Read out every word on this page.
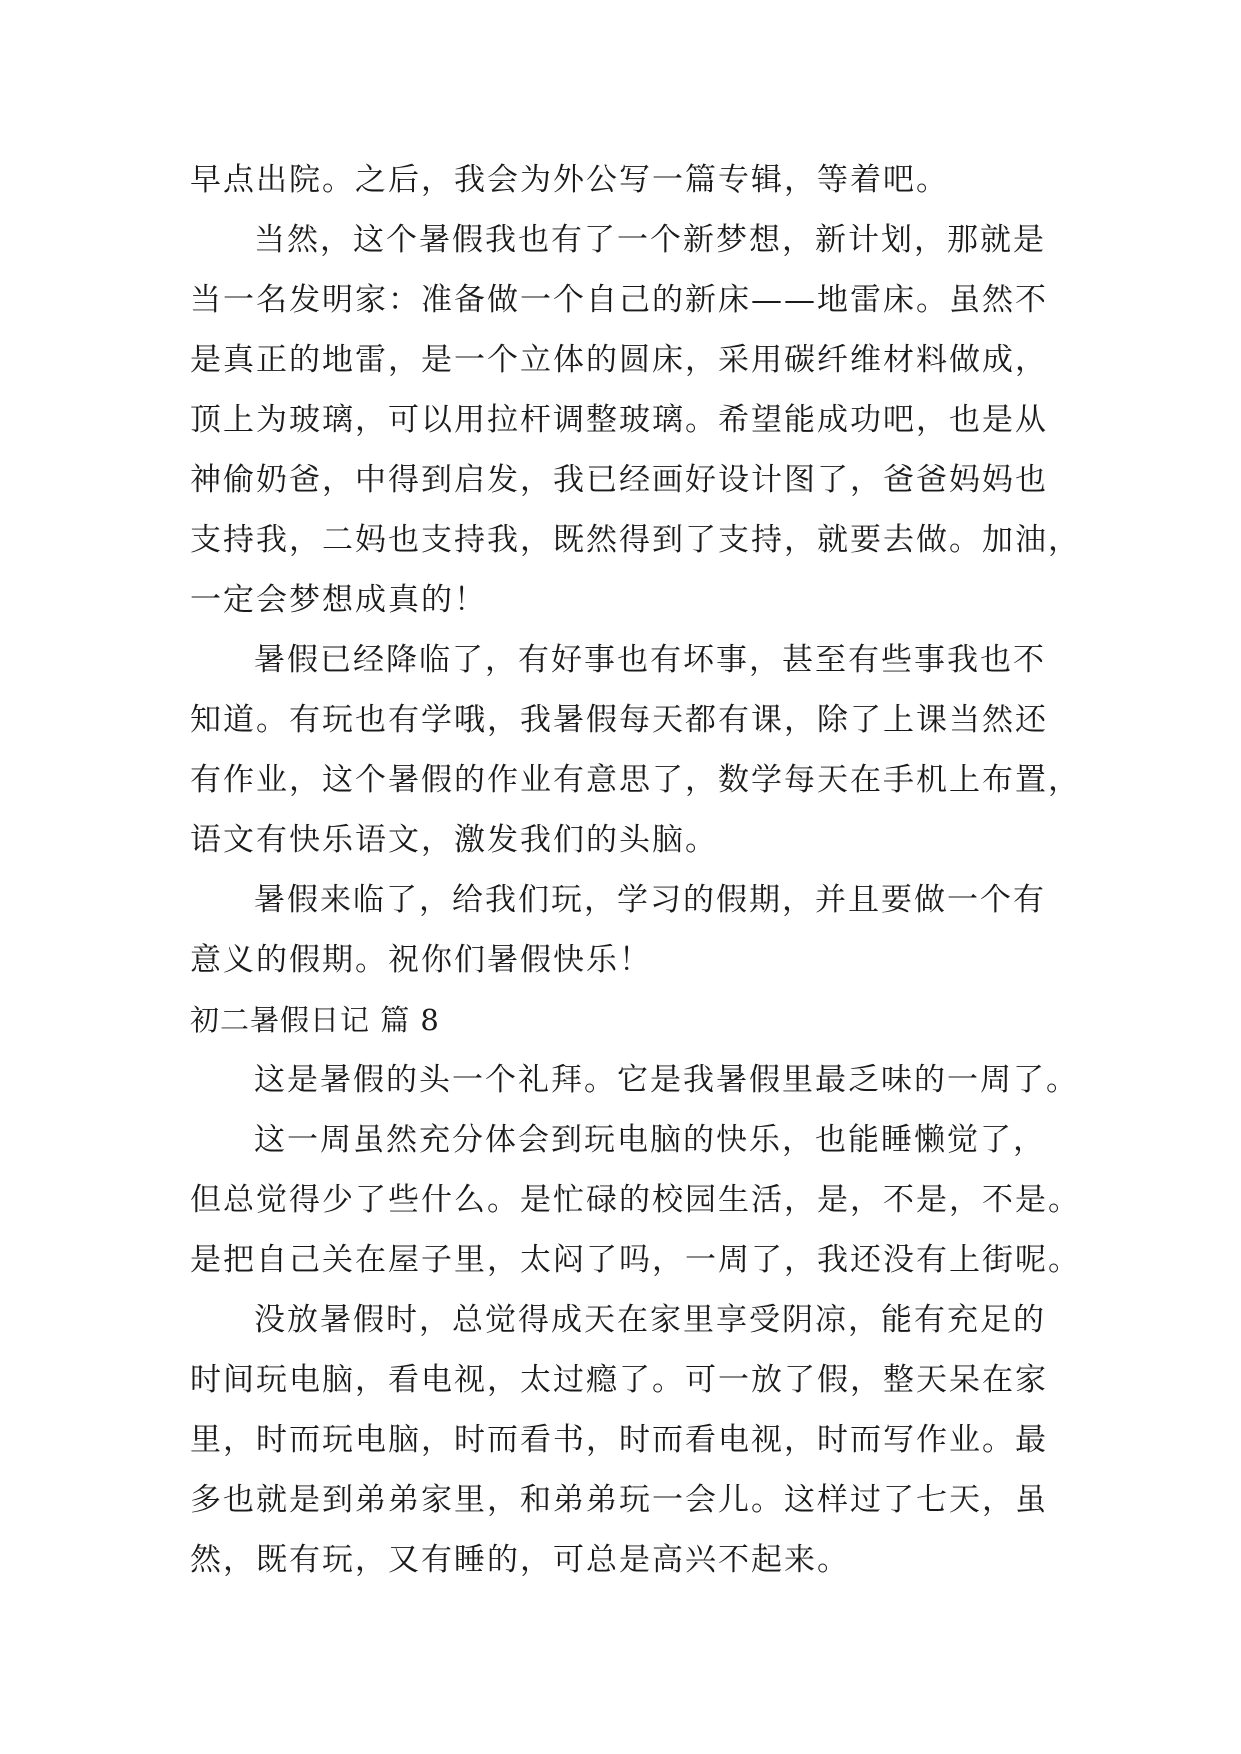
早点出院。之后，我会为外公写一篇专辑，等着吧。
当然，这个暑假我也有了一个新梦想，新计划，那就是
当一名发明家：准备做一个自己的新床——地雷床。虽然不
是真正的地雷，是一个立体的圆床，采用碳纤维材料做成，
顶上为玻璃，可以用拉杆调整玻璃。希望能成功吧，也是从
神偷奶爸，中得到启发，我已经画好设计图了，爸爸妈妈也
支持我，二妈也支持我，既然得到了支持，就要去做。加油，
一定会梦想成真的！
暑假已经降临了，有好事也有坏事，甚至有些事我也不
知道。有玩也有学哦，我暑假每天都有课，除了上课当然还
有作业，这个暑假的作业有意思了，数学每天在手机上布置，
语文有快乐语文，激发我们的头脑。
暑假来临了，给我们玩，学习的假期，并且要做一个有
意义的假期。祝你们暑假快乐！
初二暑假日记 篇 8
这是暑假的头一个礼拜。它是我暑假里最乏味的一周了。
这一周虽然充分体会到玩电脑的快乐，也能睡懒觉了，
但总觉得少了些什么。是忙碌的校园生活，是，不是，不是。
是把自己关在屋子里，太闷了吗，一周了，我还没有上街呢。
没放暑假时，总觉得成天在家里享受阴凉，能有充足的
时间玩电脑，看电视，太过瘾了。可一放了假，整天呆在家
里，时而玩电脑，时而看书，时而看电视，时而写作业。最
多也就是到弟弟家里，和弟弟玩一会儿。这样过了七天，虽
然，既有玩，又有睡的，可总是高兴不起来。
